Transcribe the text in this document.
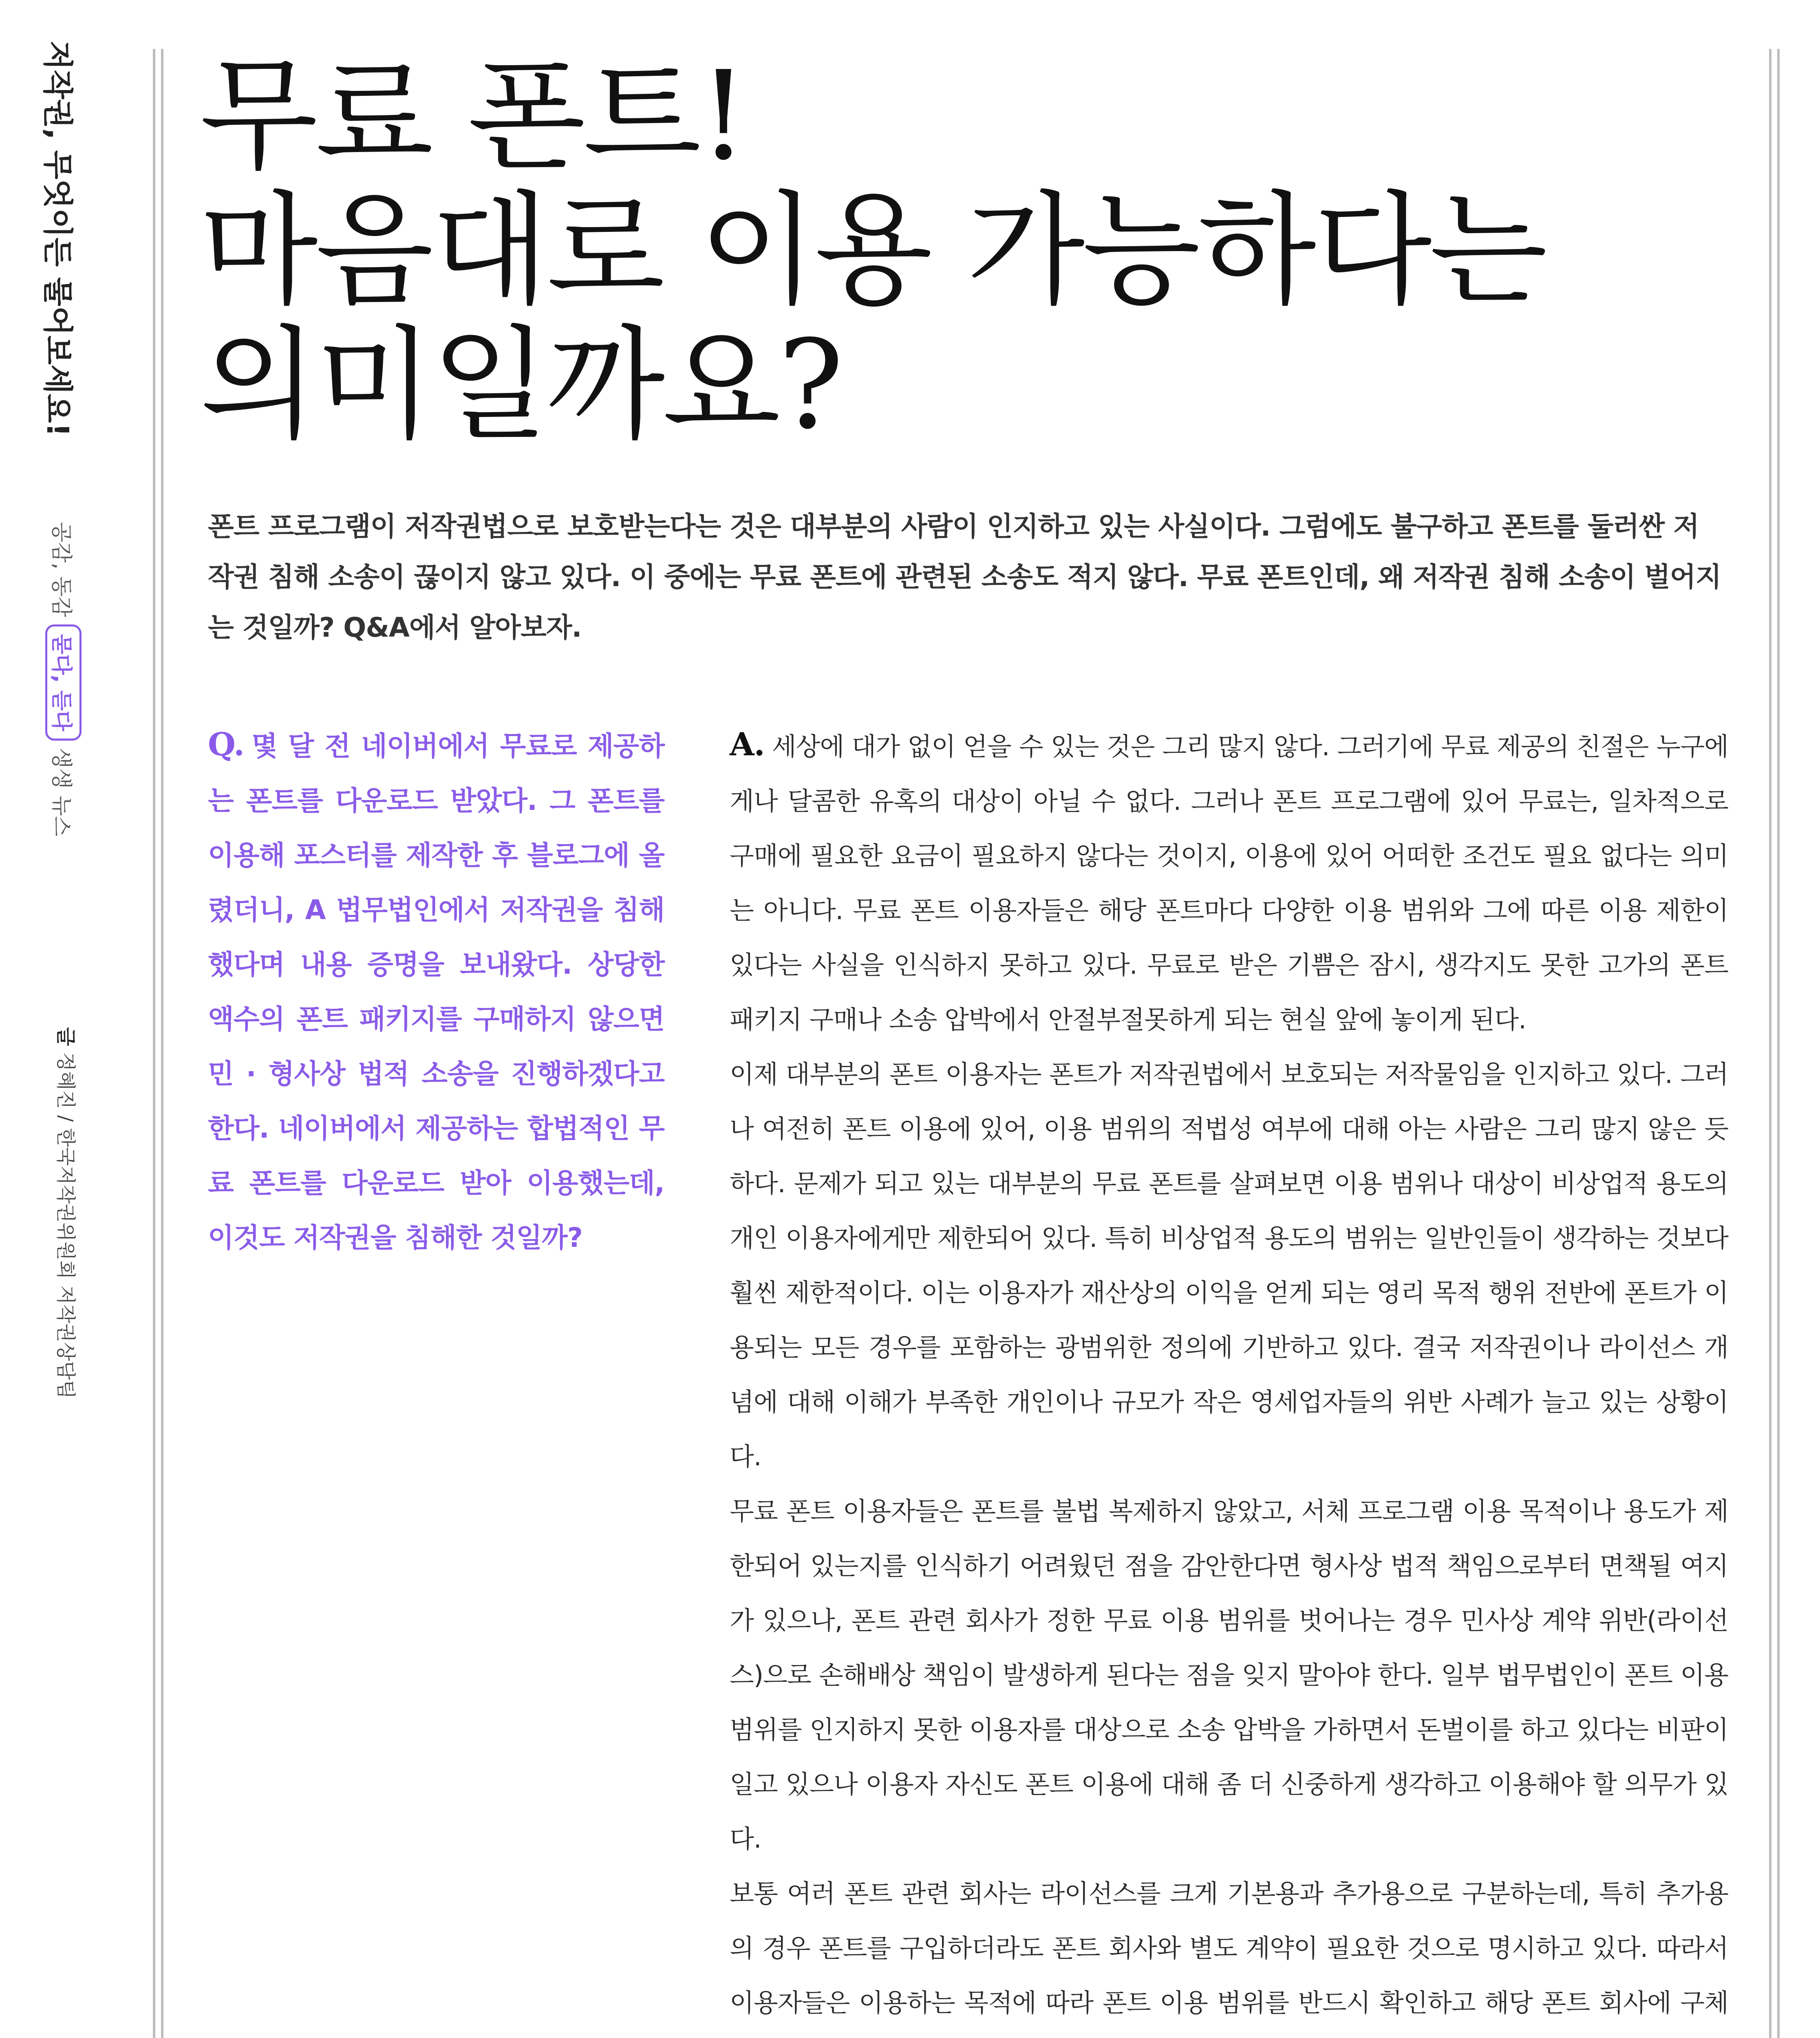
저작권, 무엇이든 물어보세요!
공감, 동감
묻다, 듣다
생생 뉴스
글 정혜진 / 한국저작권위원회 저작권상담팀
무료 폰트!
마음대로 이용 가능하다는
의미일까요?
폰트 프로그램이 저작권법으로 보호받는다는 것은 대부분의 사람이 인지하고 있는 사실이다. 그럼에도 불구하고 폰트를 둘러싼 저작권 침해 소송이 끊이지 않고 있다. 이 중에는 무료 폰트에 관련된 소송도 적지 않다. 무료 폰트인데, 왜 저작권 침해 소송이 벌어지는 것일까? Q&A에서 알아보자.
Q. 몇 달 전 네이버에서 무료로 제공하는 폰트를 다운로드 받았다. 그 폰트를 이용해 포스터를 제작한 후 블로그에 올렸더니, A 법무법인에서 저작권을 침해했다며 내용 증명을 보내왔다. 상당한 액수의 폰트 패키지를 구매하지 않으면 민 · 형사상 법적 소송을 진행하겠다고 한다. 네이버에서 제공하는 합법적인 무료 폰트를 다운로드 받아 이용했는데, 이것도 저작권을 침해한 것일까?

A. 세상에 대가 없이 얻을 수 있는 것은 그리 많지 않다. 그러기에 무료 제공의 친절은 누구에게나 달콤한 유혹의 대상이 아닐 수 없다. 그러나 폰트 프로그램에 있어 무료는, 일차적으로 구매에 필요한 요금이 필요하지 않다는 것이지, 이용에 있어 어떠한 조건도 필요 없다는 의미는 아니다. 무료 폰트 이용자들은 해당 폰트마다 다양한 이용 범위와 그에 따른 이용 제한이 있다는 사실을 인식하지 못하고 있다. 무료로 받은 기쁨은 잠시, 생각지도 못한 고가의 폰트 패키지 구매나 소송 압박에서 안절부절못하게 되는 현실 앞에 놓이게 된다.

이제 대부분의 폰트 이용자는 폰트가 저작권법에서 보호되는 저작물임을 인지하고 있다. 그러나 여전히 폰트 이용에 있어, 이용 범위의 적법성 여부에 대해 아는 사람은 그리 많지 않은 듯하다. 문제가 되고 있는 대부분의 무료 폰트를 살펴보면 이용 범위나 대상이 비상업적 용도의 개인 이용자에게만 제한되어 있다. 특히 비상업적 용도의 범위는 일반인들이 생각하는 것보다 훨씬 제한적이다. 이는 이용자가 재산상의 이익을 얻게 되는 영리 목적 행위 전반에 폰트가 이용되는 모든 경우를 포함하는 광범위한 정의에 기반하고 있다. 결국 저작권이나 라이선스 개념에 대해 이해가 부족한 개인이나 규모가 작은 영세업자들의 위반 사례가 늘고 있는 상황이다.

무료 폰트 이용자들은 폰트를 불법 복제하지 않았고, 서체 프로그램 이용 목적이나 용도가 제한되어 있는지를 인식하기 어려웠던 점을 감안한다면 형사상 법적 책임으로부터 면책될 여지가 있으나, 폰트 관련 회사가 정한 무료 이용 범위를 벗어나는 경우 민사상 계약 위반(라이선스)으로 손해배상 책임이 발생하게 된다는 점을 잊지 말아야 한다. 일부 법무법인이 폰트 이용 범위를 인지하지 못한 이용자를 대상으로 소송 압박을 가하면서 돈벌이를 하고 있다는 비판이 일고 있으나 이용자 자신도 폰트 이용에 대해 좀 더 신중하게 생각하고 이용해야 할 의무가 있다.

보통 여러 폰트 관련 회사는 라이선스를 크게 기본용과 추가용으로 구분하는데, 특히 추가용의 경우 폰트를 구입하더라도 폰트 회사와 별도 계약이 필요한 것으로 명시하고 있다. 따라서 이용자들은 이용하는 목적에 따라 폰트 이용 범위를 반드시 확인하고 해당 폰트 회사에 구체
